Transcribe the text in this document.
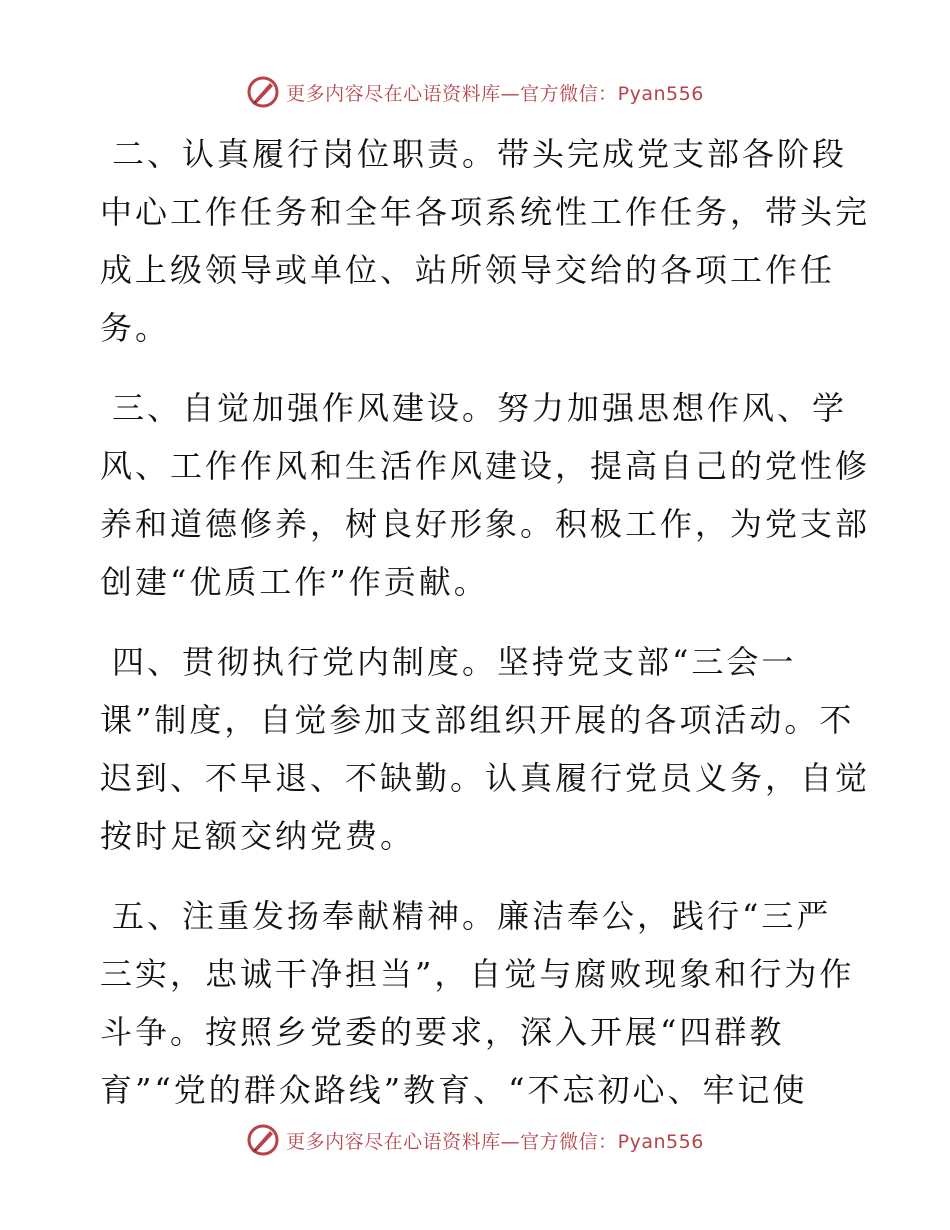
更多内容尽在心语资料库—官方微信：Pyan556
二、认真履行岗位职责。带头完成党支部各阶段
中心工作任务和全年各项系统性工作任务，带头完
成上级领导或单位、站所领导交给的各项工作任
务。
三、自觉加强作风建设。努力加强思想作风、学
风、工作作风和生活作风建设，提高自己的党性修
养和道德修养，树良好形象。积极工作，为党支部
创建“优质工作”作贡献。
四、贯彻执行党内制度。坚持党支部“三会一
课”制度，自觉参加支部组织开展的各项活动。不
迟到、不早退、不缺勤。认真履行党员义务，自觉
按时足额交纳党费。
五、注重发扬奉献精神。廉洁奉公，践行“三严
三实，忠诚干净担当”，自觉与腐败现象和行为作
斗争。按照乡党委的要求，深入开展“四群教
育”“党的群众路线”教育、“不忘初心、牢记使
更多内容尽在心语资料库—官方微信：Pyan556
